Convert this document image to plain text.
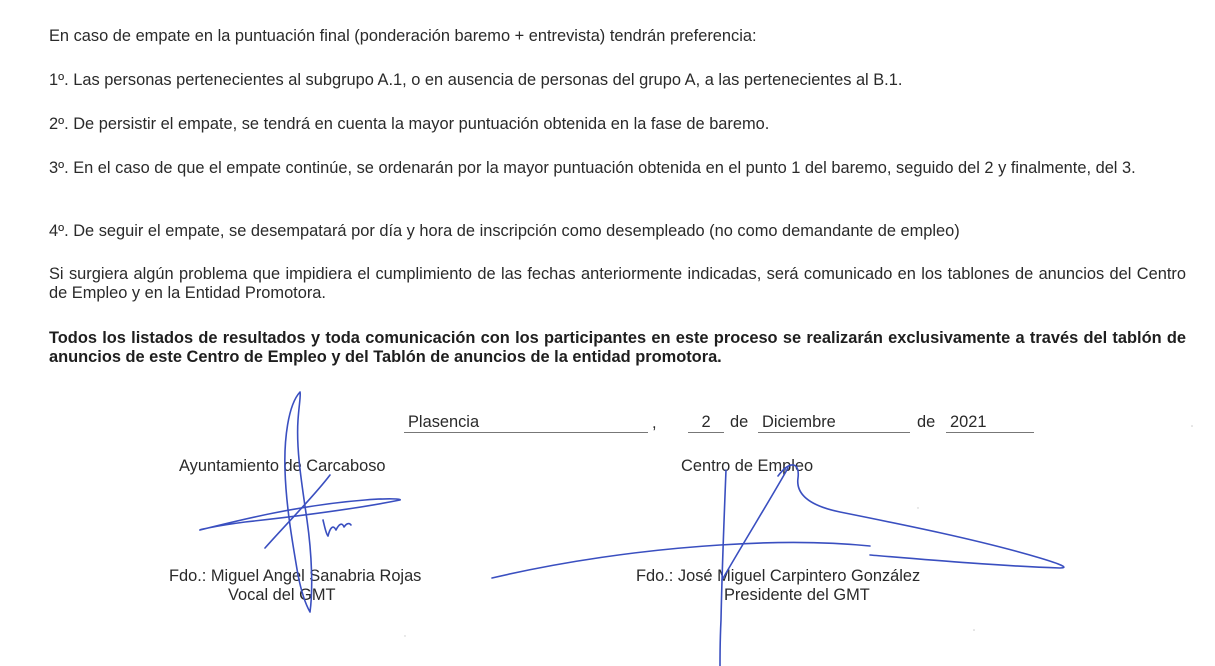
En caso de empate en la puntuación final (ponderación baremo + entrevista) tendrán preferencia:

1º. Las personas pertenecientes al subgrupo A.1, o en ausencia de personas del grupo A, a las pertenecientes al B.1.

2º. De persistir el empate, se tendrá en cuenta la mayor puntuación obtenida en la fase de baremo.

3º. En el caso de que el empate continúe, se ordenarán por la mayor puntuación obtenida en el punto 1 del baremo, seguido del 2 y finalmente, del 3.

4º. De seguir el empate, se desempatará por día y hora de inscripción como desempleado (no como demandante de empleo)

Si surgiera algún problema que impidiera el cumplimiento de las fechas anteriormente indicadas, será comunicado en los tablones de anuncios del Centro de Empleo y en la Entidad Promotora.

Todos los listados de resultados y toda comunicación con los participantes en este proceso se realizarán exclusivamente a través del tablón de anuncios de este Centro de Empleo y del Tablón de anuncios de la entidad promotora.

Plasencia	,	2	de Diciembre	de 2021
Ayuntamiento de Carcaboso	Centro de Empleo
Fdo.: Miguel Angel Sanabria Rojas
Vocal del GMT
Fdo.: José Miguel Carpintero González
Presidente del GMT
